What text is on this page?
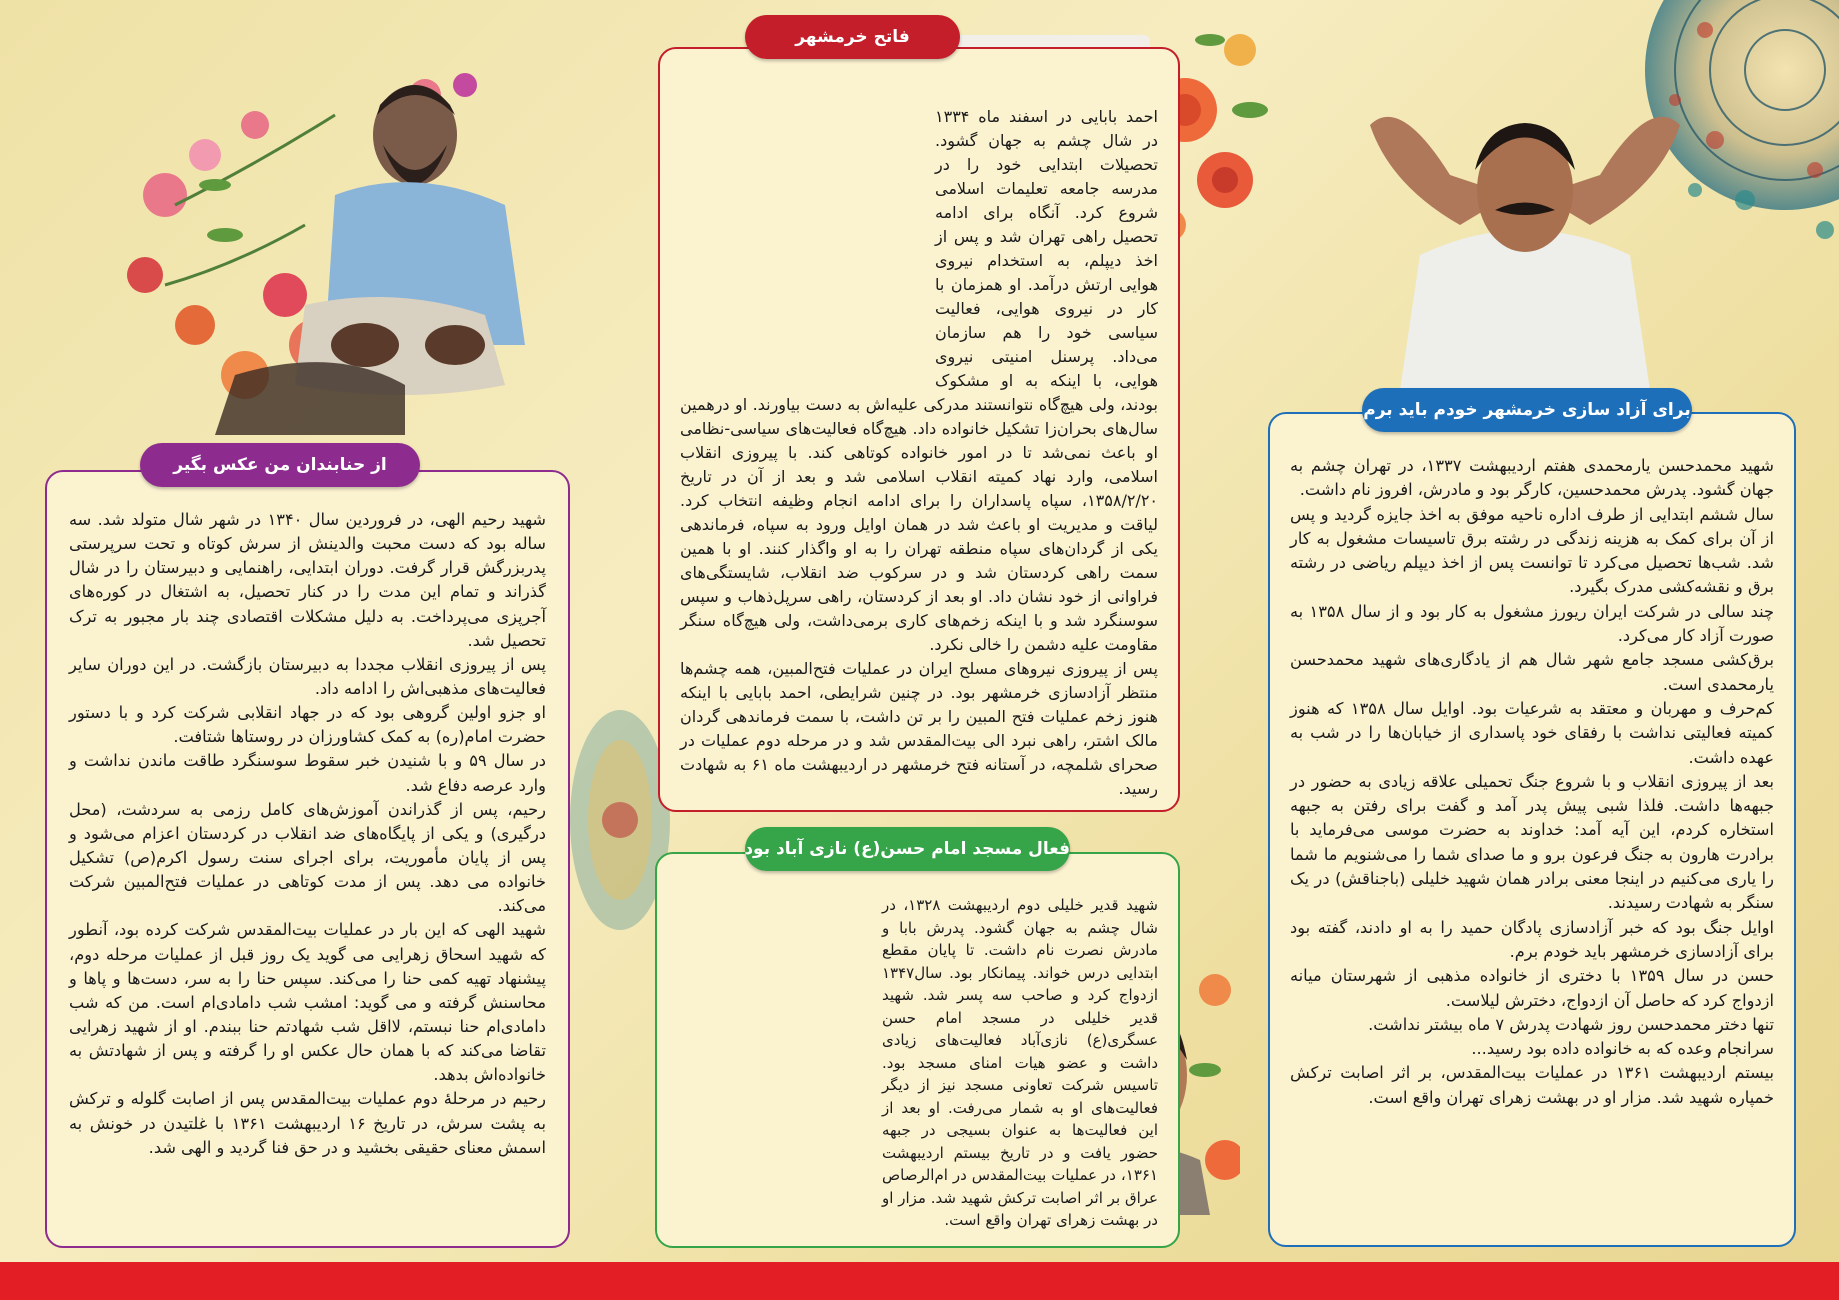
شهید رحیم الهی، در فروردین سال ۱۳۴۰ در شهر شال متولد شد. سه ساله بود که دست محبت والدینش از سرش کوتاه و تحت سرپرستی پدربزرگش قرار گرفت. دوران ابتدایی، راهنمایی و دبیرستان را در شال گذراند و تمام این مدت را در کنار تحصیل، به اشتغال در کوره‌های آجرپزی می‌پرداخت. به دلیل مشکلات اقتصادی چند بار مجبور به ترک تحصیل شد.

پس از پیروزی انقلاب مجددا به دبیرستان بازگشت. در این دوران سایر فعالیت‌های مذهبی‌اش را ادامه داد.

او جزو اولین گروهی بود که در جهاد انقلابی شرکت کرد و با دستور حضرت امام(ره) به کمک کشاورزان در روستاها شتافت.

در سال ۵۹ و با شنیدن خبر سقوط سوسنگرد طاقت ماندن نداشت و وارد عرصه دفاع شد.

رحیم، پس از گذراندن آموزش‌های کامل رزمی به سردشت، (محل درگیری) و یکی از پایگاه‌های ضد انقلاب در کردستان اعزام می‌شود و پس از پایان مأموریت، برای اجرای سنت رسول اکرم(ص) تشکیل خانواده می دهد. پس از مدت کوتاهی در عملیات فتح‌المبین شرکت می‌کند.

شهید الهی که این بار در عملیات بیت‌المقدس شرکت کرده بود، آنطور که شهید اسحاق زهرایی می گوید یک روز قبل از عملیات مرحله دوم، پیشنهاد تهیه کمی حنا را می‌کند. سپس حنا را به سر، دست‌ها و پاها و محاسنش گرفته و می گوید: امشب شب دامادی‌ام است. من که شب دامادی‌ام حنا نبستم، لااقل شب شهادتم حنا ببندم. او از شهید زهرایی تقاضا می‌کند که با همان حال عکس او را گرفته و پس از شهادتش به خانواده‌اش بدهد.

رحیم در مرحلهٔ دوم عملیات بیت‌المقدس پس از اصابت گلوله و ترکش به پشت سرش، در تاریخ ۱۶ اردیبهشت ۱۳۶۱ با غلتیدن در خونش به اسمش معنای حقیقی بخشید و در حق فنا گردید و الهی شد.

از حنابندان من عکس بگیر

احمد بابایی در اسفند ماه ۱۳۳۴ در شال چشم به جهان گشود. تحصیلات ابتدایی خود را در مدرسه جامعه تعلیمات اسلامی شروع کرد. آنگاه برای ادامه تحصیل راهی تهران شد و پس از اخذ دیپلم، به استخدام نیروی هوایی ارتش درآمد. او همزمان با کار در نیروی هوایی، فعالیت سیاسی خود را هم سازمان می‌داد. پرسنل امنیتی نیروی هوایی، با اینکه به او مشکوک بودند، ولی هیچ‌گاه نتوانستند مدرکی علیه‌اش به دست بیاورند. او درهمین سال‌های بحران‌زا تشکیل خانواده داد. هیچ‌گاه فعالیت‌های سیاسی-نظامی او باعث نمی‌شد تا در امور خانواده کوتاهی کند. با پیروزی انقلاب اسلامی، وارد نهاد کمیته انقلاب اسلامی شد و بعد از آن در تاریخ ۱۳۵۸/۲/۲۰، سپاه پاسداران را برای ادامه انجام وظیفه انتخاب کرد. لیاقت و مدیریت او باعث شد در همان اوایل ورود به سپاه، فرماندهی یکی از گردان‌های سپاه منطقه تهران را به او واگذار کنند. او با همین سمت راهی کردستان شد و در سرکوب ضد انقلاب، شایستگی‌های فراوانی از خود نشان داد. او بعد از کردستان، راهی سرپل‌ذهاب و سپس سوسنگرد شد و با اینکه زخم‌های کاری برمی‌داشت، ولی هیچ‌گاه سنگر مقاومت علیه دشمن را خالی نکرد.

پس از پیروزی نیروهای مسلح ایران در عملیات فتح‌المبین، همه چشم‌ها منتظر آزادسازی خرمشهر بود. در چنین شرایطی، احمد بابایی با اینکه هنوز زخم عملیات فتح المبین را بر تن داشت، با سمت فرماندهی گردان مالک اشتر، راهی نبرد الی بیت‌المقدس شد و در مرحله دوم عملیات در صحرای شلمچه، در آستانه فتح خرمشهر در اردیبهشت ماه ۶۱ به شهادت رسید.

فاتح خرمشهر

شهید قدیر خلیلی دوم اردیبهشت ۱۳۲۸، در شال چشم به جهان گشود. پدرش بابا و مادرش نصرت نام داشت. تا پایان مقطع ابتدایی درس خواند. پیمانکار بود. سال۱۳۴۷ ازدواج کرد و صاحب سه پسر شد. شهید قدیر خلیلی در مسجد امام حسن عسگری(ع) نازی‌آباد فعالیت‌های زیادی داشت و عضو هیات امنای مسجد بود. تاسیس شرکت تعاونی مسجد نیز از دیگر فعالیت‌های او به شمار می‌رفت. او بعد از این فعالیت‌ها به عنوان بسیجی در جبهه حضور یافت و در تاریخ بیستم اردیبهشت ۱۳۶۱، در عملیات بیت‌المقدس در ام‌الرصاص عراق بر اثر اصابت ترکش شهید شد. مزار او در بهشت زهرای تهران واقع است.

فعال مسجد امام حسن(ع) نازی آباد بود

شهید محمدحسن یارمحمدی هفتم اردیبهشت ۱۳۳۷، در تهران چشم به جهان گشود. پدرش محمدحسین، کارگر بود و مادرش، افروز نام داشت.

سال ششم ابتدایی از طرف اداره ناحیه موفق به اخذ جایزه گردید و پس از آن برای کمک به هزینه زندگی در رشته برق تاسیسات مشغول به کار شد. شب‌ها تحصیل می‌کرد تا توانست پس از اخذ دیپلم ریاضی در رشته برق و نقشه‌کشی مدرک بگیرد.

چند سالی در شرکت ایران ریورز مشغول به کار بود و از سال ۱۳۵۸ به صورت آزاد کار می‌کرد.

برق‌کشی مسجد جامع شهر شال هم از یادگاری‌های شهید محمدحسن یارمحمدی است.

کم‌حرف و مهربان و معتقد به شرعیات بود. اوایل سال ۱۳۵۸ که هنوز کمیته فعالیتی نداشت با رفقای خود پاسداری از خیابان‌ها را در شب به عهده داشت.

بعد از پیروزی انقلاب و با شروع جنگ تحمیلی علاقه زیادی به حضور در جبهه‌ها داشت. فلذا شبی پیش پدر آمد و گفت برای رفتن به جبهه استخاره کردم، این آیه آمد: خداوند به حضرت موسی می‌فرماید با برادرت هارون به جنگ فرعون برو و ما صدای شما را می‌شنویم ما شما را یاری می‌کنیم در اینجا معنی برادر همان شهید خلیلی (باجناقش) در یک سنگر به شهادت رسیدند.

اوایل جنگ بود که خبر آزادسازی پادگان حمید را به او دادند، گفته بود برای آزادسازی خرمشهر باید خودم برم.

حسن در سال ۱۳۵۹ با دختری از خانواده مذهبی از شهرستان میانه ازدواج کرد که حاصل آن ازدواج، دخترش لیلاست.

تنها دختر محمدحسن روز شهادت پدرش ۷ ماه بیشتر نداشت.

سرانجام وعده که به خانواده داده بود رسید...

بیستم اردیبهشت ۱۳۶۱ در عملیات بیت‌المقدس، بر اثر اصابت ترکش خمپاره شهید شد. مزار او در بهشت زهرای تهران واقع است.

برای آزاد سازی خرمشهر خودم باید برم
